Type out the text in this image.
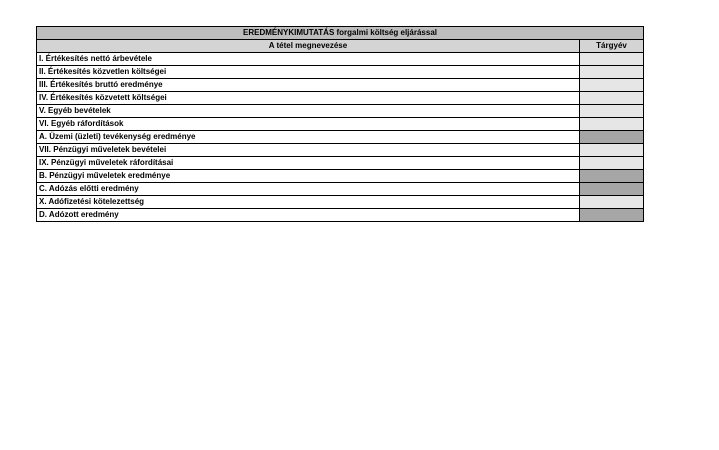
EREDMÉNYKIMUTATÁS forgalmi költség eljárással	
A tétel megnevezése	Tárgyév
I. Értékesítés nettó árbevétele	
II. Értékesítés közvetlen költségei	
III. Értékesítés bruttó eredménye	
IV. Értékesítés közvetett költségei	
V. Egyéb bevételek	
VI. Egyéb ráfordítások	
A. Üzemi (üzleti) tevékenység eredménye	
VII. Pénzügyi műveletek bevételei	
IX. Pénzügyi műveletek ráfordításai	
B. Pénzügyi műveletek eredménye	
C. Adózás előtti eredmény	
X. Adófizetési kötelezettség	
D. Adózott eredmény	
